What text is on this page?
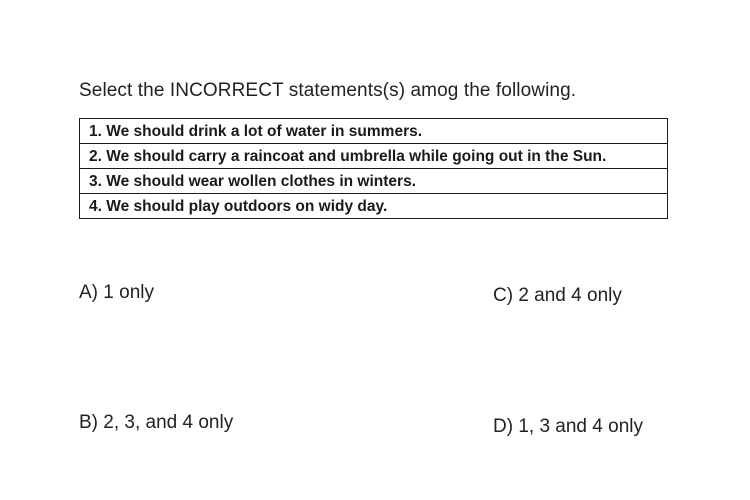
Select the INCORRECT statements(s) amog the following.
1. We should drink a lot of water in summers.
2. We should carry a raincoat and umbrella while going out in the Sun.
3. We should wear wollen clothes in winters.
4. We should play outdoors on widy day.
A) 1 only	C) 2 and 4 only
B) 2, 3, and 4 only	D) 1, 3 and 4 only
